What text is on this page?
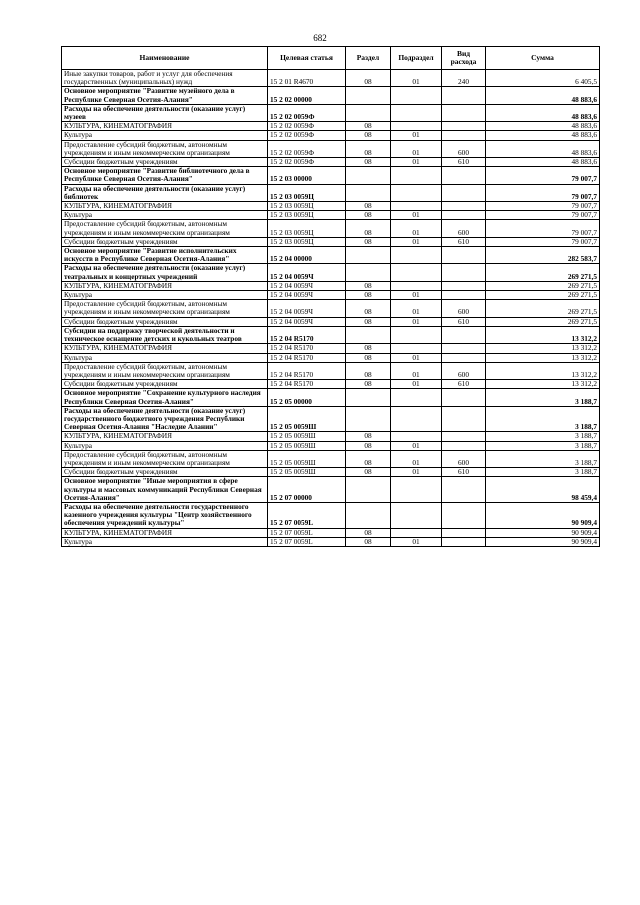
682
Наименование	Целевая статья	Раздел	Подраздел	Вид расхода	Сумма
Иные закупки товаров, работ и услуг для обеспечения государственных (муниципальных) нужд	15 2 01 R4670	08	01	240	6 405,5
Основное мероприятие "Развитие музейного дела в Республике Северная Осетия-Алания"	15 2 02 00000				48 883,6
Расходы на обеспечение деятельности (оказание услуг) музеев	15 2 02 0059Ф				48 883,6
КУЛЬТУРА, КИНЕМАТОГРАФИЯ	15 2 02 0059Ф	08			48 883,6
Культура	15 2 02 0059Ф	08	01		48 883,6
Предоставление субсидий бюджетным, автономным учреждениям и иным некоммерческим организациям	15 2 02 0059Ф	08	01	600	48 883,6
Субсидии бюджетным учреждениям	15 2 02 0059Ф	08	01	610	48 883,6
Основное мероприятие "Развитие библиотечного дела в Республике Северная Осетия-Алания"	15 2 03 00000				79 007,7
Расходы на обеспечение деятельности (оказание услуг) библиотек	15 2 03 0059Ц				79 007,7
КУЛЬТУРА, КИНЕМАТОГРАФИЯ	15 2 03 0059Ц	08			79 007,7
Культура	15 2 03 0059Ц	08	01		79 007,7
Предоставление субсидий бюджетным, автономным учреждениям и иным некоммерческим организациям	15 2 03 0059Ц	08	01	600	79 007,7
Субсидии бюджетным учреждениям	15 2 03 0059Ц	08	01	610	79 007,7
Основное мероприятие "Развитие исполнительских искусств в Республике Северная Осетия-Алания"	15 2 04 00000				282 583,7
Расходы на обеспечение деятельности (оказание услуг) театральных и концертных учреждений	15 2 04 0059Ч				269 271,5
КУЛЬТУРА, КИНЕМАТОГРАФИЯ	15 2 04 0059Ч	08			269 271,5
Культура	15 2 04 0059Ч	08	01		269 271,5
Предоставление субсидий бюджетным, автономным учреждениям и иным некоммерческим организациям	15 2 04 0059Ч	08	01	600	269 271,5
Субсидии бюджетным учреждениям	15 2 04 0059Ч	08	01	610	269 271,5
Субсидии на поддержку творческой деятельности и техническое оснащение детских и кукольных театров	15 2 04 R5170				13 312,2
КУЛЬТУРА, КИНЕМАТОГРАФИЯ	15 2 04 R5170	08			13 312,2
Культура	15 2 04 R5170	08	01		13 312,2
Предоставление субсидий бюджетным, автономным учреждениям и иным некоммерческим организациям	15 2 04 R5170	08	01	600	13 312,2
Субсидии бюджетным учреждениям	15 2 04 R5170	08	01	610	13 312,2
Основное мероприятие "Сохранение культурного наследия Республики Северная Осетия-Алания"	15 2 05 00000				3 188,7
Расходы на обеспечение деятельности (оказание услуг) государственного бюджетного учреждения Республики Северная Осетия-Алания "Наследие Алании"	15 2 05 0059Ш				3 188,7
КУЛЬТУРА, КИНЕМАТОГРАФИЯ	15 2 05 0059Ш	08			3 188,7
Культура	15 2 05 0059Ш	08	01		3 188,7
Предоставление субсидий бюджетным, автономным учреждениям и иным некоммерческим организациям	15 2 05 0059Ш	08	01	600	3 188,7
Субсидии бюджетным учреждениям	15 2 05 0059Ш	08	01	610	3 188,7
Основное мероприятие "Иные мероприятия в сфере культуры и массовых коммуникаций Республики Северная Осетия-Алания"	15 2 07 00000				98 459,4
Расходы на обеспечение деятельности государственного казенного учреждения культуры "Центр хозяйственного обеспечения учреждений культуры"	15 2 07 0059L				90 909,4
КУЛЬТУРА, КИНЕМАТОГРАФИЯ	15 2 07 0059L	08			90 909,4
Культура	15 2 07 0059L	08	01		90 909,4
